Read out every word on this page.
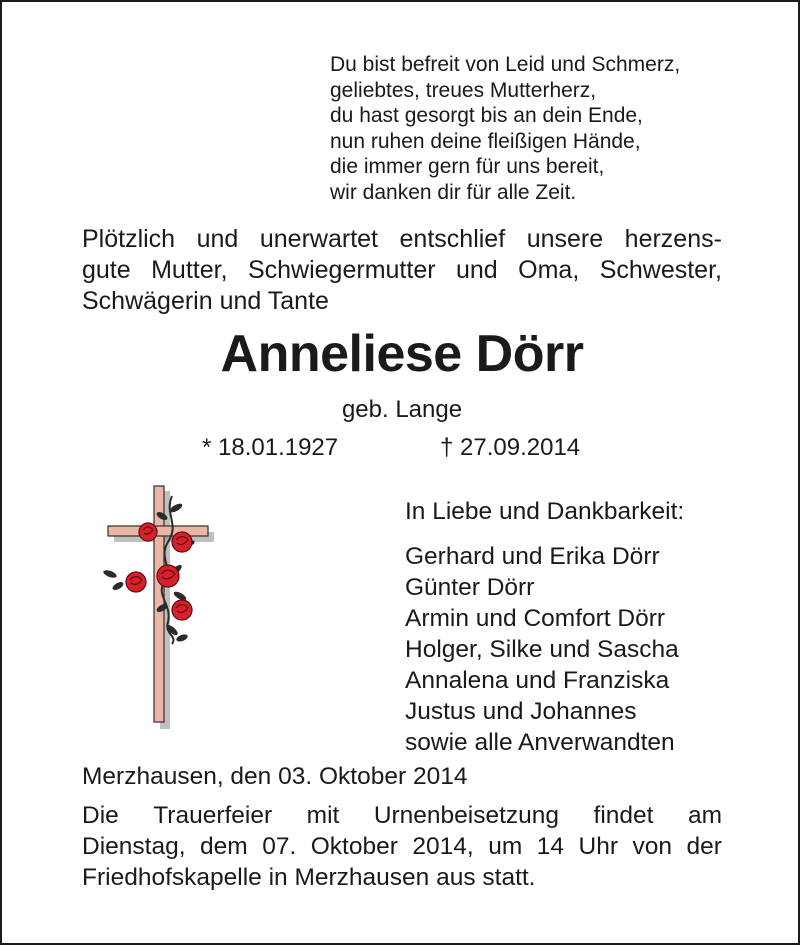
Du bist befreit von Leid und Schmerz,
geliebtes, treues Mutterherz,
du hast gesorgt bis an dein Ende,
nun ruhen deine fleißigen Hände,
die immer gern für uns bereit,
wir danken dir für alle Zeit.
Plötzlich und unerwartet entschlief unsere herzens-
gute Mutter, Schwiegermutter und Oma, Schwester,
Schwägerin und Tante
Anneliese Dörr
geb. Lange
* 18.01.1927	† 27.09.2014
In Liebe und Dankbarkeit:
Gerhard und Erika Dörr
Günter Dörr
Armin und Comfort Dörr
Holger, Silke und Sascha
Annalena und Franziska
Justus und Johannes
sowie alle Anverwandten
Merzhausen, den 03. Oktober 2014
Die Trauerfeier mit Urnenbeisetzung findet am
Dienstag, dem 07. Oktober 2014, um 14 Uhr von der
Friedhofskapelle in Merzhausen aus statt.
